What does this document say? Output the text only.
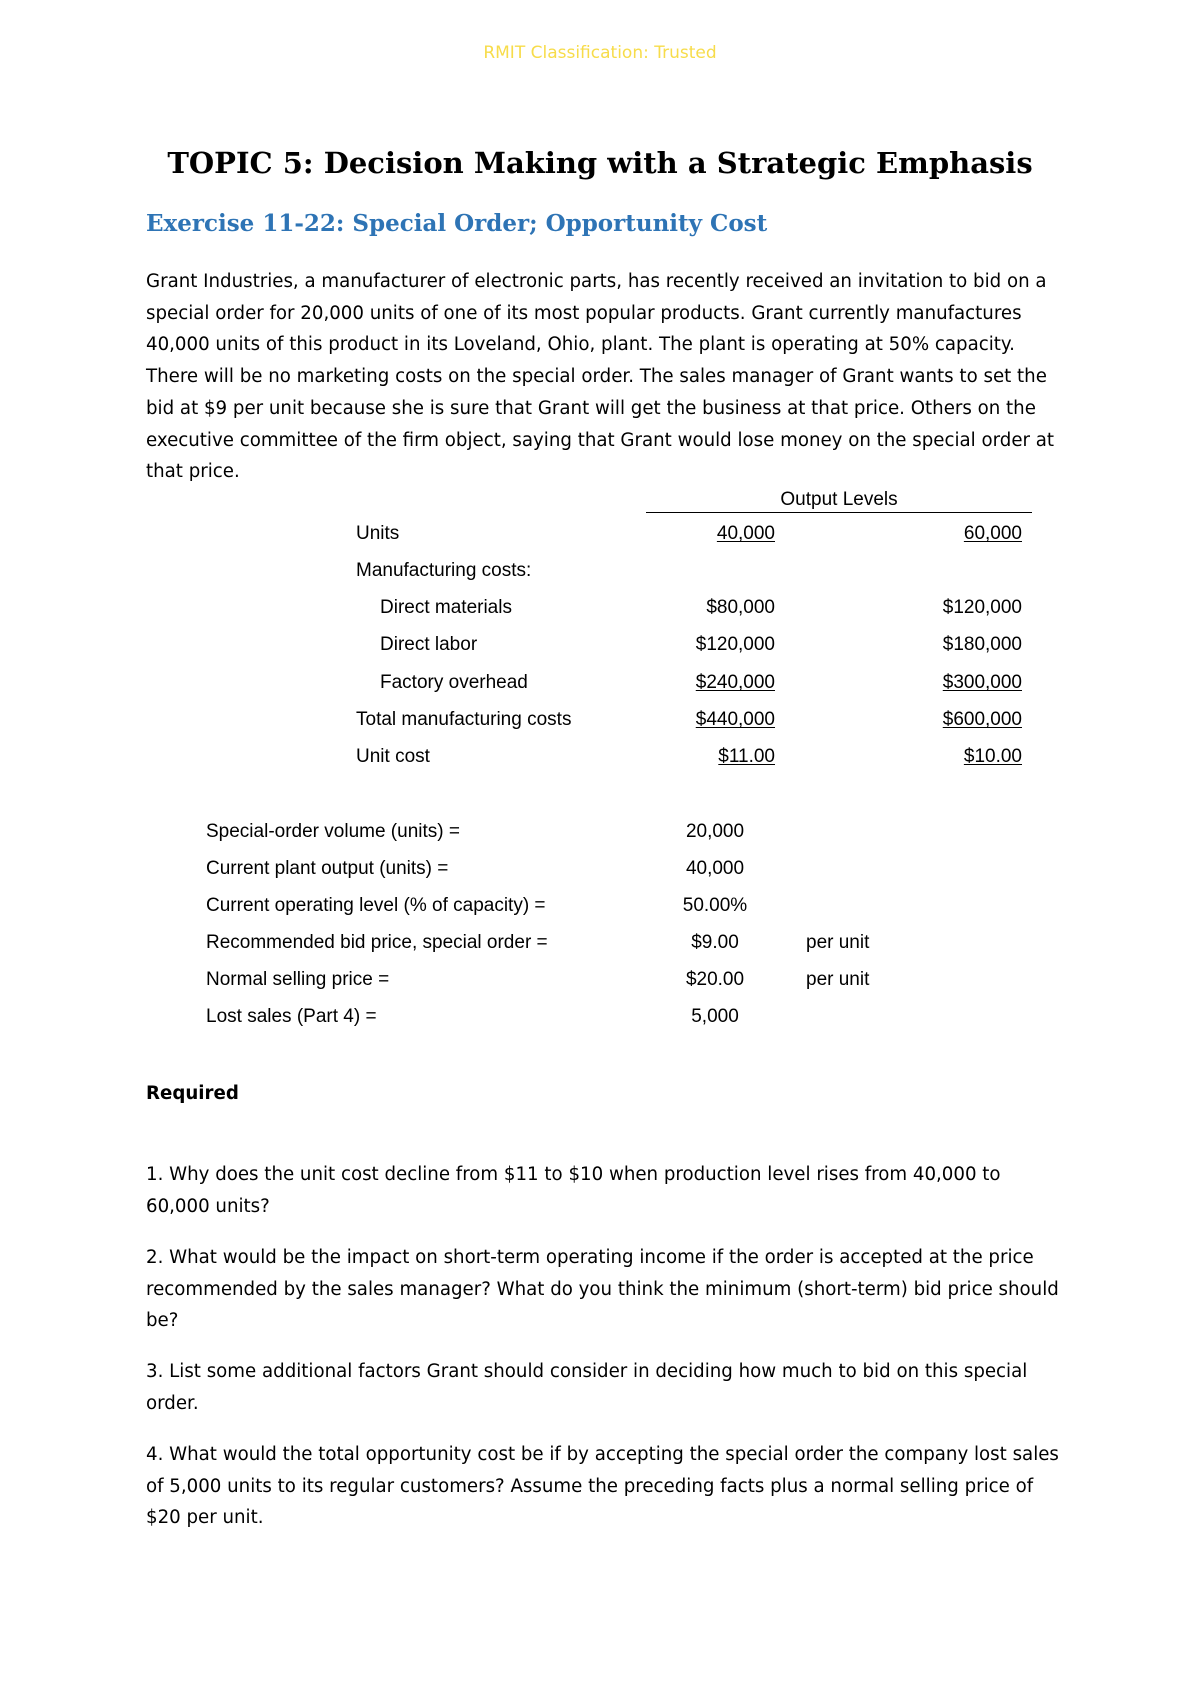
RMIT Classification: Trusted
TOPIC 5: Decision Making with a Strategic Emphasis
Exercise 11-22: Special Order; Opportunity Cost

Grant Industries, a manufacturer of electronic parts, has recently received an invitation to bid on a special order for 20,000 units of one of its most popular products. Grant currently manufactures 40,000 units of this product in its Loveland, Ohio, plant. The plant is operating at 50% capacity. There will be no marketing costs on the special order. The sales manager of Grant wants to set the bid at $9 per unit because she is sure that Grant will get the business at that price. Others on the executive committee of the firm object, saying that Grant would lose money on the special order at that price.

Output Levels
Units	40,000	60,000
Manufacturing costs:
Direct materials	$80,000	$120,000
Direct labor	$120,000	$180,000
Factory overhead	$240,000	$300,000
Total manufacturing costs	$440,000	$600,000
Unit cost	$11.00	$10.00
Special-order volume (units) =	20,000
Current plant output (units) =	40,000
Current operating level (% of capacity) =	50.00%
Recommended bid price, special order =	$9.00	per unit
Normal selling price =	$20.00	per unit
Lost sales (Part 4) =	5,000
Required

1. Why does the unit cost decline from $11 to $10 when production level rises from 40,000 to 60,000 units?

2. What would be the impact on short-term operating income if the order is accepted at the price recommended by the sales manager? What do you think the minimum (short-term) bid price should be?

3. List some additional factors Grant should consider in deciding how much to bid on this special order.

4. What would the total opportunity cost be if by accepting the special order the company lost sales of 5,000 units to its regular customers? Assume the preceding facts plus a normal selling price of $20 per unit.
